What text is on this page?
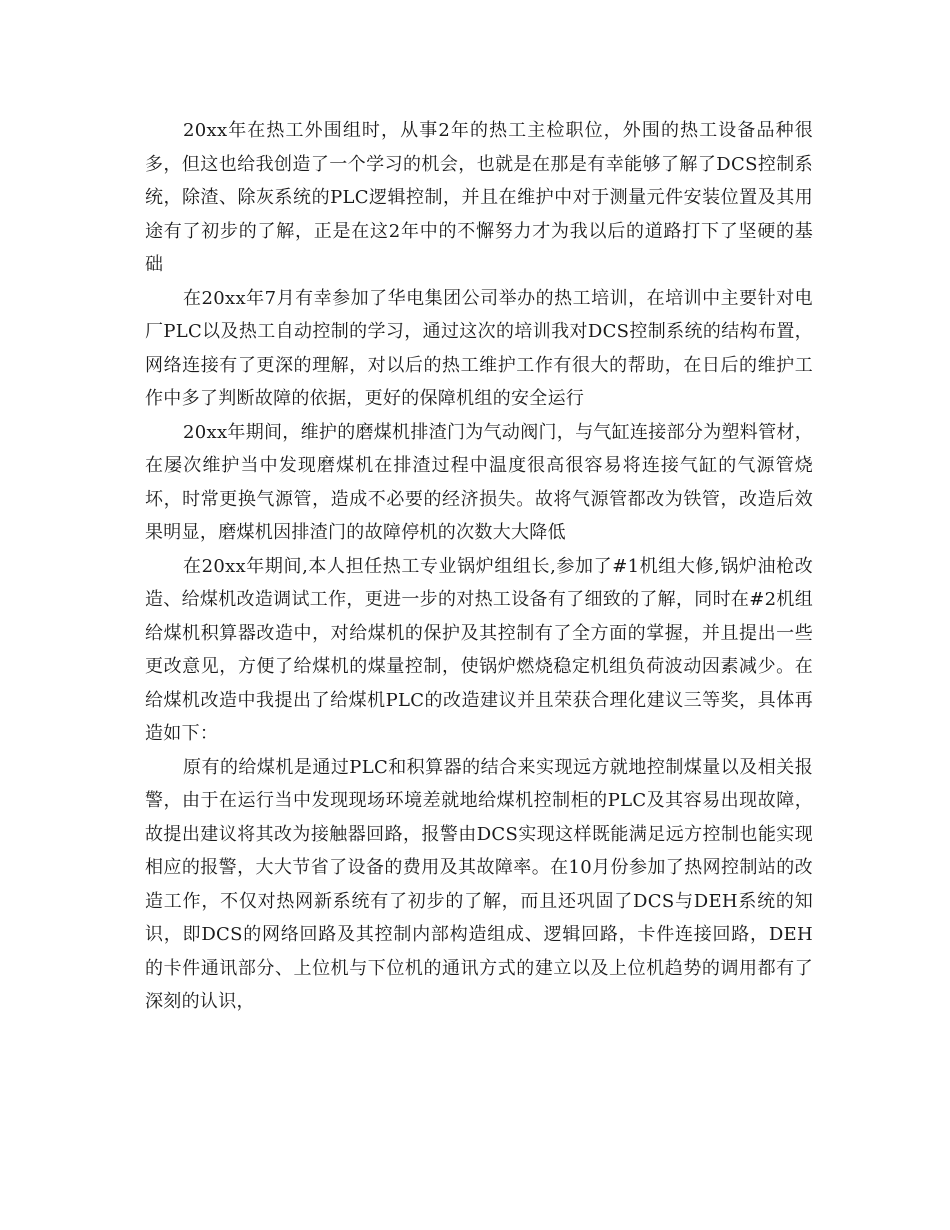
20xx年在热工外围组时，从事2年的热工主检职位，外围的热工设备品种很多，但这也给我创造了一个学习的机会，也就是在那是有幸能够了解了DCS控制系统，除渣、除灰系统的PLC逻辑控制，并且在维护中对于测量元件安装位置及其用途有了初步的了解，正是在这2年中的不懈努力才为我以后的道路打下了坚硬的基础

在20xx年7月有幸参加了华电集团公司举办的热工培训，在培训中主要针对电厂PLC以及热工自动控制的学习，通过这次的培训我对DCS控制系统的结构布置，网络连接有了更深的理解，对以后的热工维护工作有很大的帮助，在日后的维护工作中多了判断故障的依据，更好的保障机组的安全运行

20xx年期间，维护的磨煤机排渣门为气动阀门，与气缸连接部分为塑料管材， 在屡次维护当中发现磨煤机在排渣过程中温度很高很容易将连接气缸的气源管烧坏，时常更换气源管，造成不必要的经济损失。故将气源管都改为铁管，改造后效果明显，磨煤机因排渣门的故障停机的次数大大降低

在20xx年期间,本人担任热工专业锅炉组组长,参加了#1机组大修,锅炉油枪改造、给煤机改造调试工作，更进一步的对热工设备有了细致的了解，同时在#2机组给煤机积算器改造中，对给煤机的保护及其控制有了全方面的掌握，并且提出一些更改意见，方便了给煤机的煤量控制，使锅炉燃烧稳定机组负荷波动因素减少。在给煤机改造中我提出了给煤机PLC的改造建议并且荣获合理化建议三等奖，具体再造如下：

原有的给煤机是通过PLC和积算器的结合来实现远方就地控制煤量以及相关报警，由于在运行当中发现现场环境差就地给煤机控制柜的PLC及其容易出现故障，故提出建议将其改为接触器回路，报警由DCS实现这样既能满足远方控制也能实现相应的报警，大大节省了设备的费用及其故障率。在10月份参加了热网控制站的改造工作，不仅对热网新系统有了初步的了解，而且还巩固了DCS与DEH系统的知识，即DCS的网络回路及其控制内部构造组成、逻辑回路，卡件连接回路，DEH的卡件通讯部分、上位机与下位机的通讯方式的建立以及上位机趋势的调用都有了深刻的认识，
